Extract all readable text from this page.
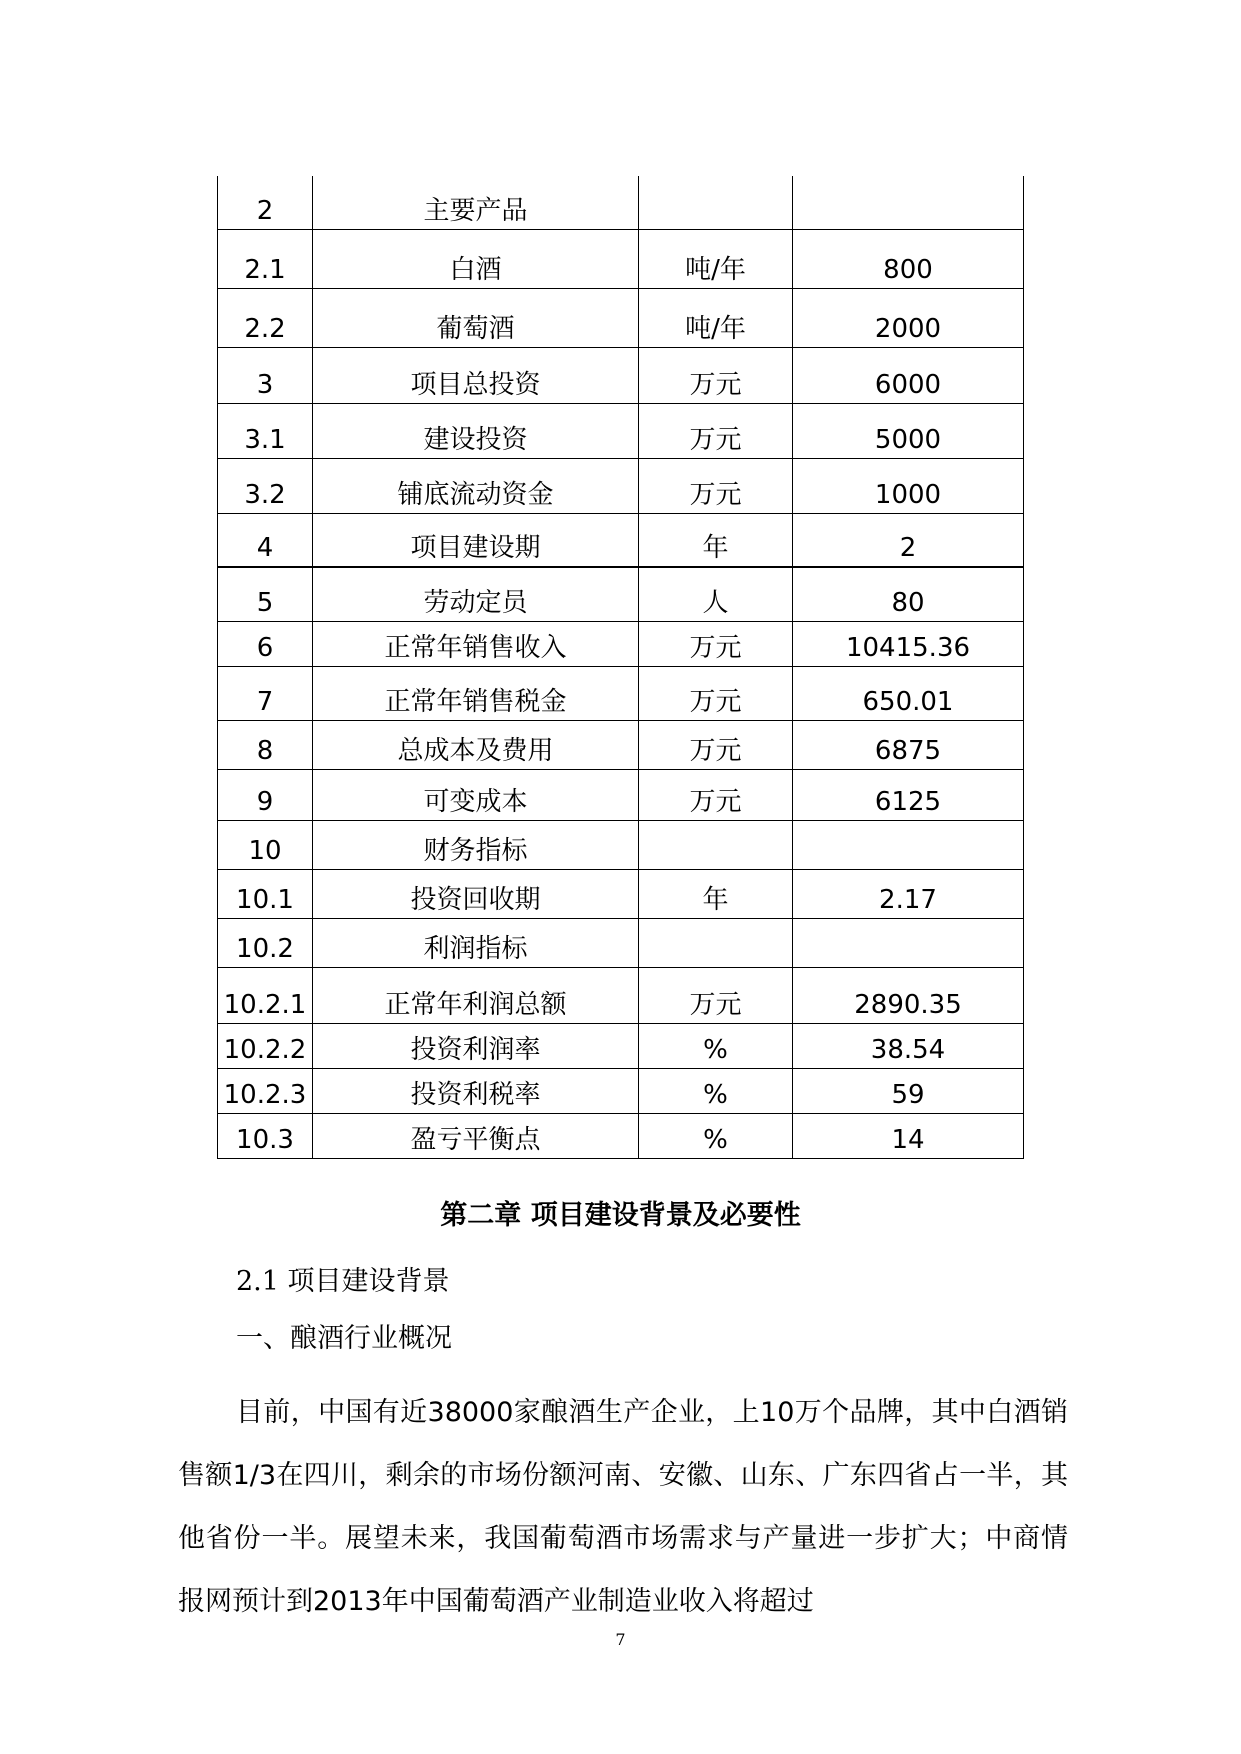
2	主要产品		
2.1	白酒	吨/年	800
2.2	葡萄酒	吨/年	2000
3	项目总投资	万元	6000
3.1	建设投资	万元	5000
3.2	铺底流动资金	万元	1000
4	项目建设期	年	2
5	劳动定员	人	80
6	正常年销售收入	万元	10415.36
7	正常年销售税金	万元	650.01
8	总成本及费用	万元	6875
9	可变成本	万元	6125
10	财务指标		
10.1	投资回收期	年	2.17
10.2	利润指标		
10.2.1	正常年利润总额	万元	2890.35
10.2.2	投资利润率	%	38.54
10.2.3	投资利税率	%	59
10.3	盈亏平衡点	%	14
第二章 项目建设背景及必要性
2.1 项目建设背景
一、酿酒行业概况

目前，中国有近38000家酿酒生产企业，上10万个品牌，其中白酒销售额1/3在四川，剩余的市场份额河南、安徽、山东、广东四省占一半，其他省份一半。展望未来，我国葡萄酒市场需求与产量进一步扩大；中商情报网预计到2013年中国葡萄酒产业制造业收入将超过

7
